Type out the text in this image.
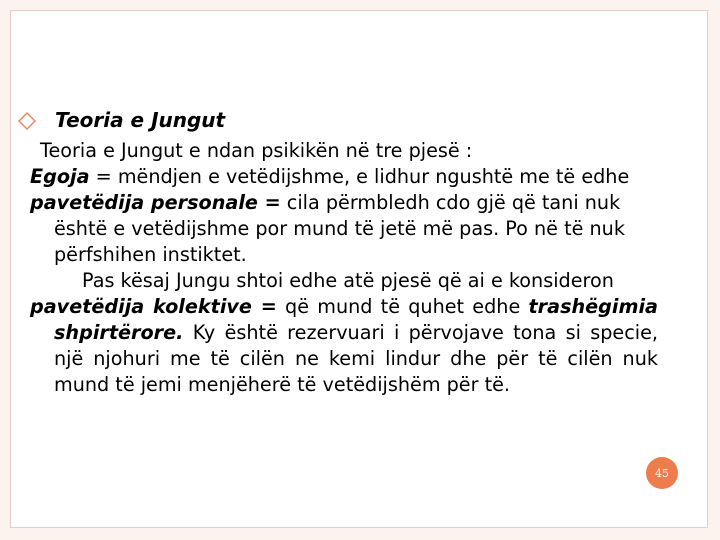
Teoria e Jungut

Teoria e Jungut e ndan psikikën në tre pjesë :

Egoja = mëndjen e vetëdijshme, e lidhur ngushtë me të edhe

pavetëdija personale = cila përmbledh cdo gjë që tani nuk është e vetëdijshme por mund të jetë më pas. Po në të nuk përfshihen instiktet.

Pas kësaj Jungu shtoi edhe atë pjesë që ai e konsideron

pavetëdija kolektive = që mund të quhet edhe trashëgimia shpirtërore. Ky është rezervuari i përvojave tona si specie, një njohuri me të cilën ne kemi lindur dhe për të cilën nuk mund të jemi menjëherë të vetëdijshëm për të.

45
